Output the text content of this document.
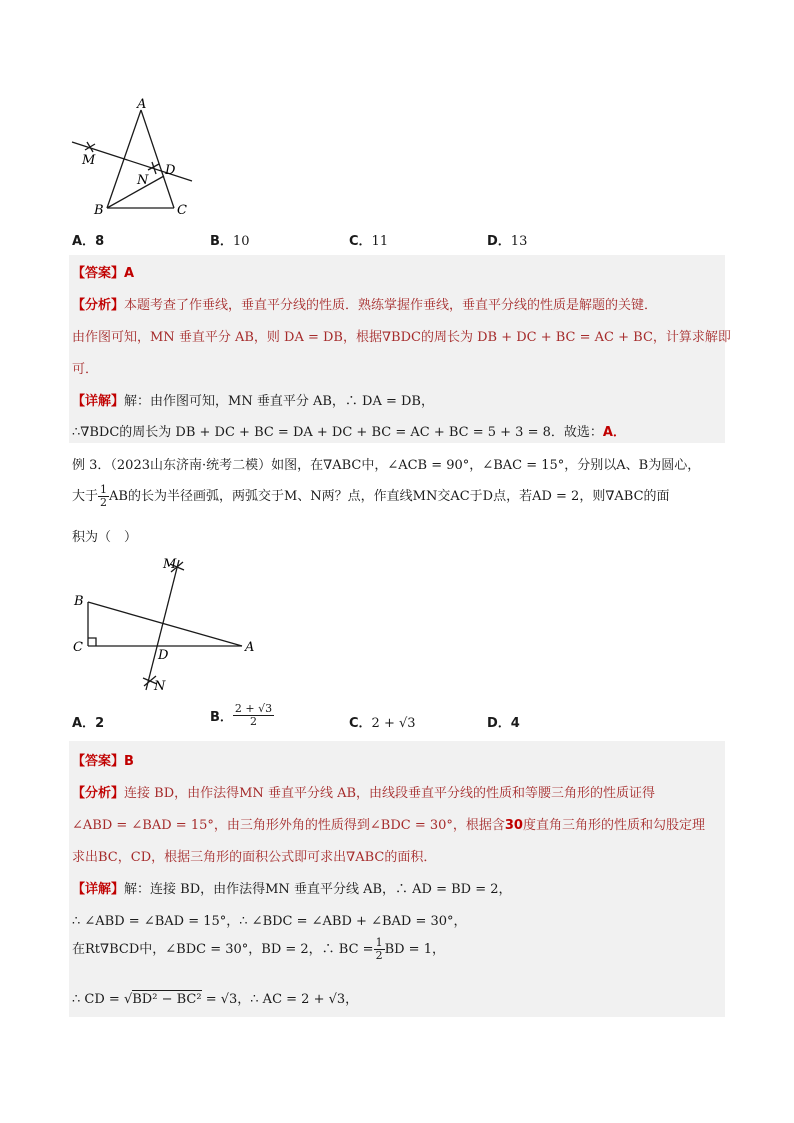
A
M
D
N
B	C
A．8	B．10	C．11	D．13
【答案】A
【分析】本题考查了作垂线，垂直平分线的性质．熟练掌握作垂线，垂直平分线的性质是解题的关键．
由作图可知，MN 垂直平分 AB，则 DA = DB，根据∇BDC的周长为 DB + DC + BC = AC + BC，计算求解即
可．
【详解】解：由作图可知，MN 垂直平分 AB，∴ DA = DB，
∴∇BDC的周长为 DB + DC + BC = DA + DC + BC = AC + BC = 5 + 3 = 8．故选：A．
例 3．（2023山东济南·统考二模）如图，在∇ABC中，∠ACB = 90°，∠BAC = 15°，分别以A、B为圆心，
大于 $\frac{1}{2}$ AB的长为半径画弧，两弧交于M、N两？点，作直线MN交AC于D点，若AD = 2，则∇ABC的面
积为（　）
M
B
C
D
A
N
A．2	B． $\frac{2 + √3}{2}$	C．2 + √3	D．4
【答案】B
【分析】连接 BD，由作法得MN 垂直平分线 AB，由线段垂直平分线的性质和等腰三角形的性质证得
∠ABD = ∠BAD = 15°，由三角形外角的性质得到∠BDC = 30°，根据含30度直角三角形的性质和勾股定理
求出BC，CD，根据三角形的面积公式即可求出∇ABC的面积．
【详解】解：连接 BD，由作法得MN 垂直平分线 AB，∴ AD = BD = 2，
∴ ∠ABD = ∠BAD = 15°，∴ ∠BDC = ∠ABD + ∠BAD = 30°，
在Rt∇BCD中，∠BDC = 30°，BD = 2，∴ BC = $\frac{1}{2}$ BD = 1，
∴ CD = √BD² − BC² = √3，∴ AC = 2 + √3，
